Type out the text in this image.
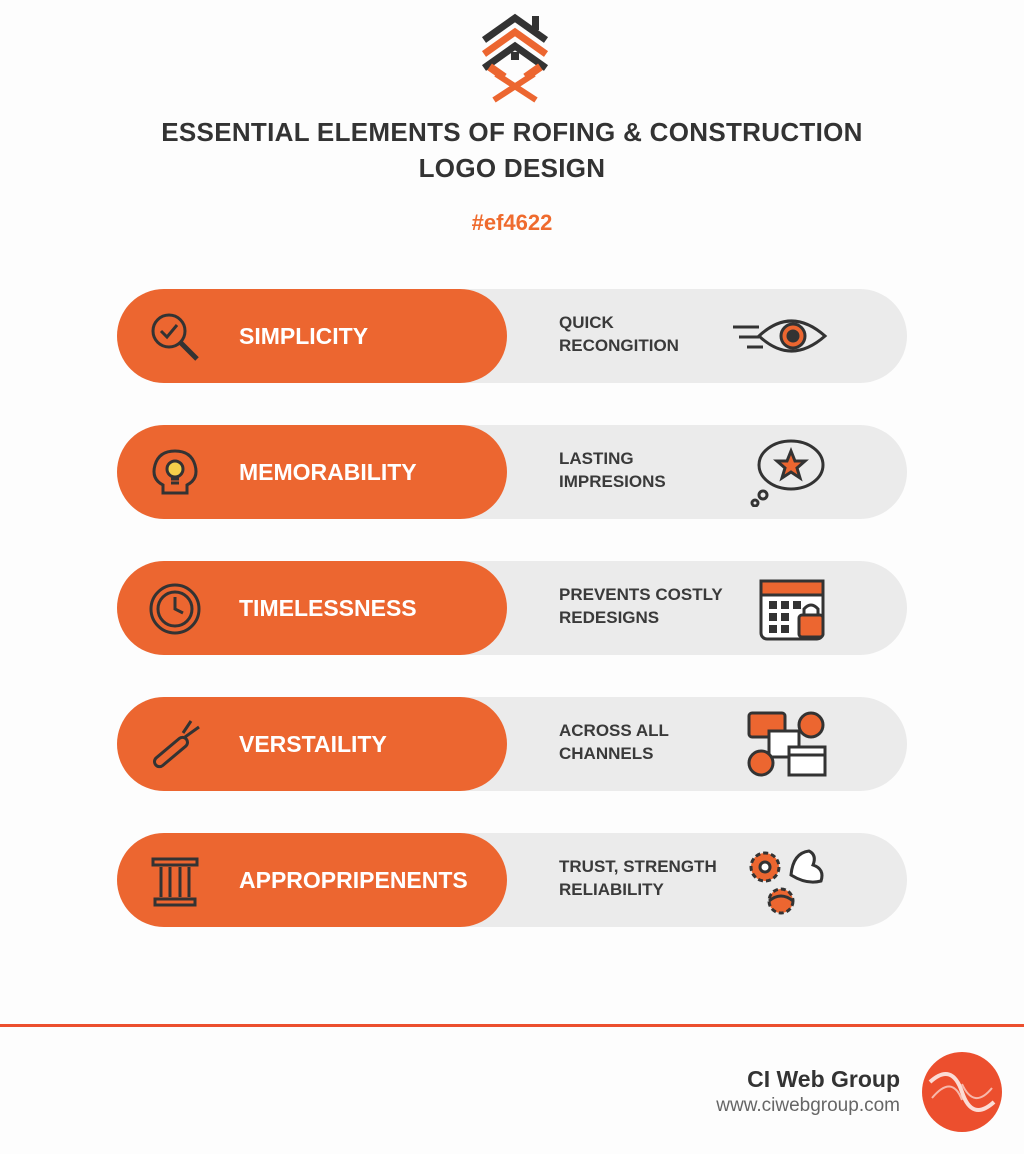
ESSENTIAL ELEMENTS OF ROFING & CONSTRUCTION
LOGO DESIGN
#ef4622
SIMPLICITY
QUICK
RECONGITION
MEMORABILITY
LASTING
IMPRESIONS
TIMELESSNESS
PREVENTS COSTLY
REDESIGNS
VERSTAILITY
ACROSS ALL
CHANNELS
APPROPRIPENENTS
TRUST, STRENGTH
RELIABILITY
CI Web Group
www.ciwebgroup.com
